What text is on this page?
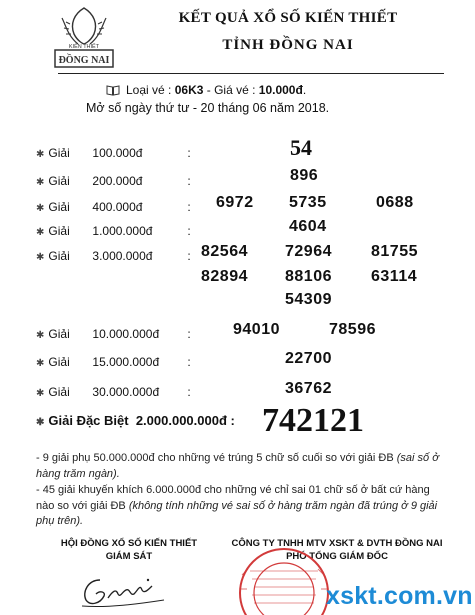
KIẾN THIẾT
ĐỒNG NAI
KẾT QUẢ XỔ SỐ KIẾN THIẾT
TỈNH ĐỒNG NAI
Loại vé : 06K3 - Giá vé : 10.000đ.
Mở số ngày thứ tư - 20 tháng 06 năm 2018.
✱ Giải 100.000đ	:	54
✱ Giải 200.000đ	:	896
✱ Giải 400.000đ	: 6972 5735	0688
✱ Giải 1.000.000đ	:	4604
✱ Giải 3.000.000đ	: 82564 72964 81755
82894 88106 63114
54309
✱ Giải 10.000.000đ :	94010	78596
✱ Giải 15.000.000đ :	22700
✱ Giải 30.000.000đ :	36762
✱ Giải Đặc Biệt 2.000.000.000đ : 742121
- 9 giải phụ 50.000.000đ cho những vé trúng 5 chữ số cuối so với giải ĐB (sai số ở hàng trăm ngàn).
- 45 giải khuyến khích 6.000.000đ cho những vé chỉ sai 01 chữ số ở bất cứ hàng nào so với giải ĐB (không tính những vé sai số ở hàng trăm ngàn đã trúng ở 9 giải phụ trên).
HỘI ĐỒNG XỔ SỐ KIẾN THIẾT
GIÁM SÁT
CÔNG TY TNHH MTV XSKT & DVTH ĐỒNG NAI
PHÓ TỔNG GIÁM ĐỐC
xskt.com.vn
